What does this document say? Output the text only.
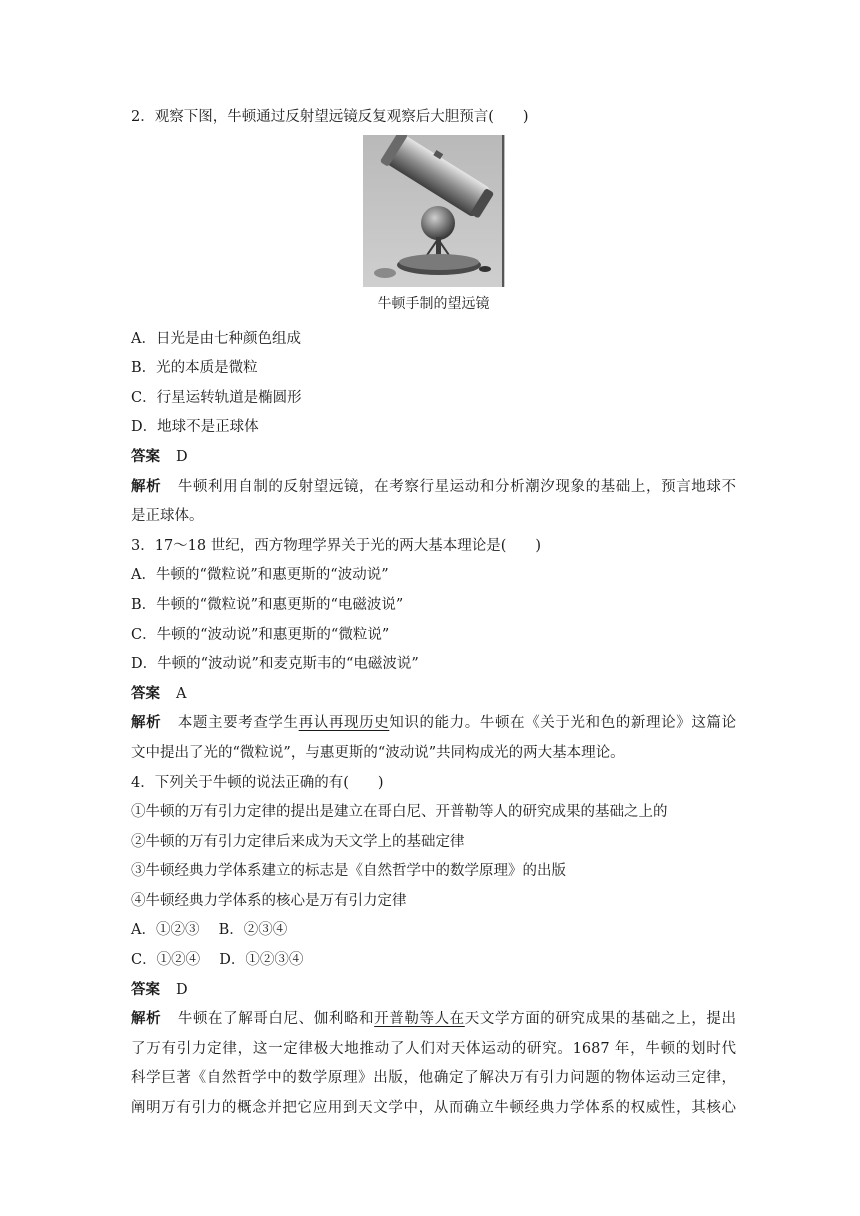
2．观察下图，牛顿通过反射望远镜反复观察后大胆预言(　　)
牛顿手制的望远镜
A．日光是由七种颜色组成
B．光的本质是微粒
C．行星运转轨道是椭圆形
D．地球不是正球体
答案 D
解析 牛顿利用自制的反射望远镜，在考察行星运动和分析潮汐现象的基础上，预言地球不
是正球体。
3．17～18 世纪，西方物理学界关于光的两大基本理论是(　　)
A．牛顿的“微粒说”和惠更斯的“波动说”
B．牛顿的“微粒说”和惠更斯的“电磁波说”
C．牛顿的“波动说”和惠更斯的“微粒说”
D．牛顿的“波动说”和麦克斯韦的“电磁波说”
答案 A
解析 本题主要考查学生再认再现历史知识的能力。牛顿在《关于光和色的新理论》这篇论
文中提出了光的“微粒说”，与惠更斯的“波动说”共同构成光的两大基本理论。
4．下列关于牛顿的说法正确的有(　　)
①牛顿的万有引力定律的提出是建立在哥白尼、开普勒等人的研究成果的基础之上的
②牛顿的万有引力定律后来成为天文学上的基础定律
③牛顿经典力学体系建立的标志是《自然哲学中的数学原理》的出版
④牛顿经典力学体系的核心是万有引力定律
A．①②③　 B．②③④
C．①②④　 D．①②③④
答案 D
解析 牛顿在了解哥白尼、伽利略和开普勒等人在天文学方面的研究成果的基础之上，提出
了万有引力定律，这一定律极大地推动了人们对天体运动的研究。1687 年，牛顿的划时代
科学巨著《自然哲学中的数学原理》出版，他确定了解决万有引力问题的物体运动三定律，
阐明万有引力的概念并把它应用到天文学中，从而确立牛顿经典力学体系的权威性，其核心
